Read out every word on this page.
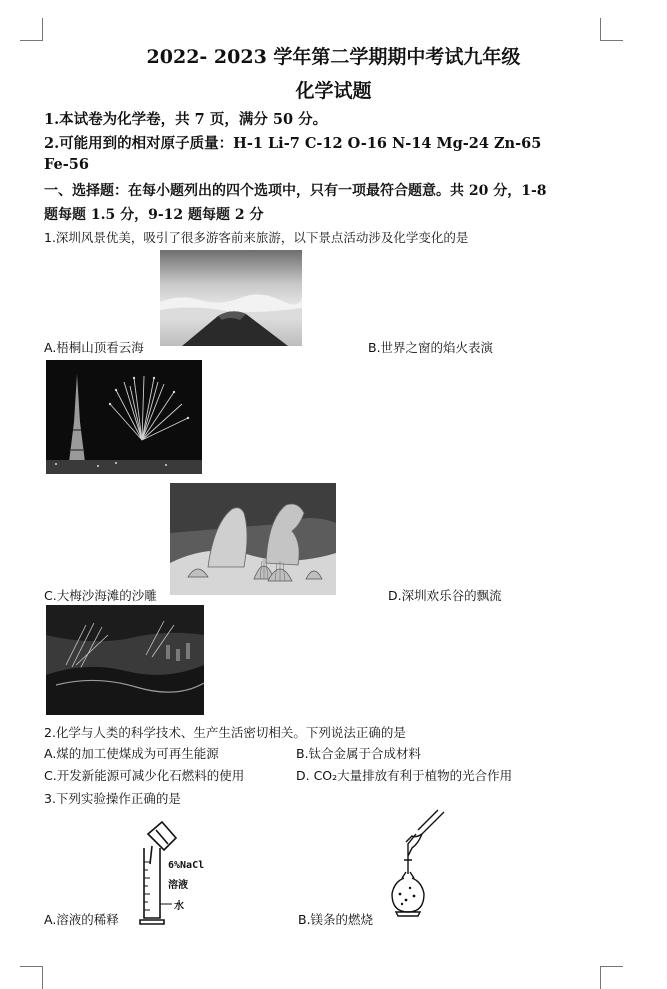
2022- 2023 学年第二学期期中考试九年级
化学试题
1.本试卷为化学卷，共 7 页，满分 50 分。
2.可能用到的相对原子质量：H-1 Li-7 C-12 O-16 N-14 Mg-24 Zn-65
Fe-56
一、选择题：在每小题列出的四个选项中，只有一项最符合题意。共 20 分，1-8
题每题 1.5 分，9-12 题每题 2 分
1.深圳风景优美，吸引了很多游客前来旅游，以下景点活动涉及化学变化的是
A.梧桐山顶看云海	B.世界之窗的焰火表演
C.大梅沙海滩的沙雕	D.深圳欢乐谷的飘流
2.化学与人类的科学技术、生产生活密切相关。下列说法正确的是
A.煤的加工使煤成为可再生能源	B.钛合金属于合成材料
C.开发新能源可减少化石燃料的使用	D. CO₂大量排放有利于植物的光合作用
3.下列实验操作正确的是
6%NaCl
溶液
水
A.溶液的稀释	B.镁条的燃烧
